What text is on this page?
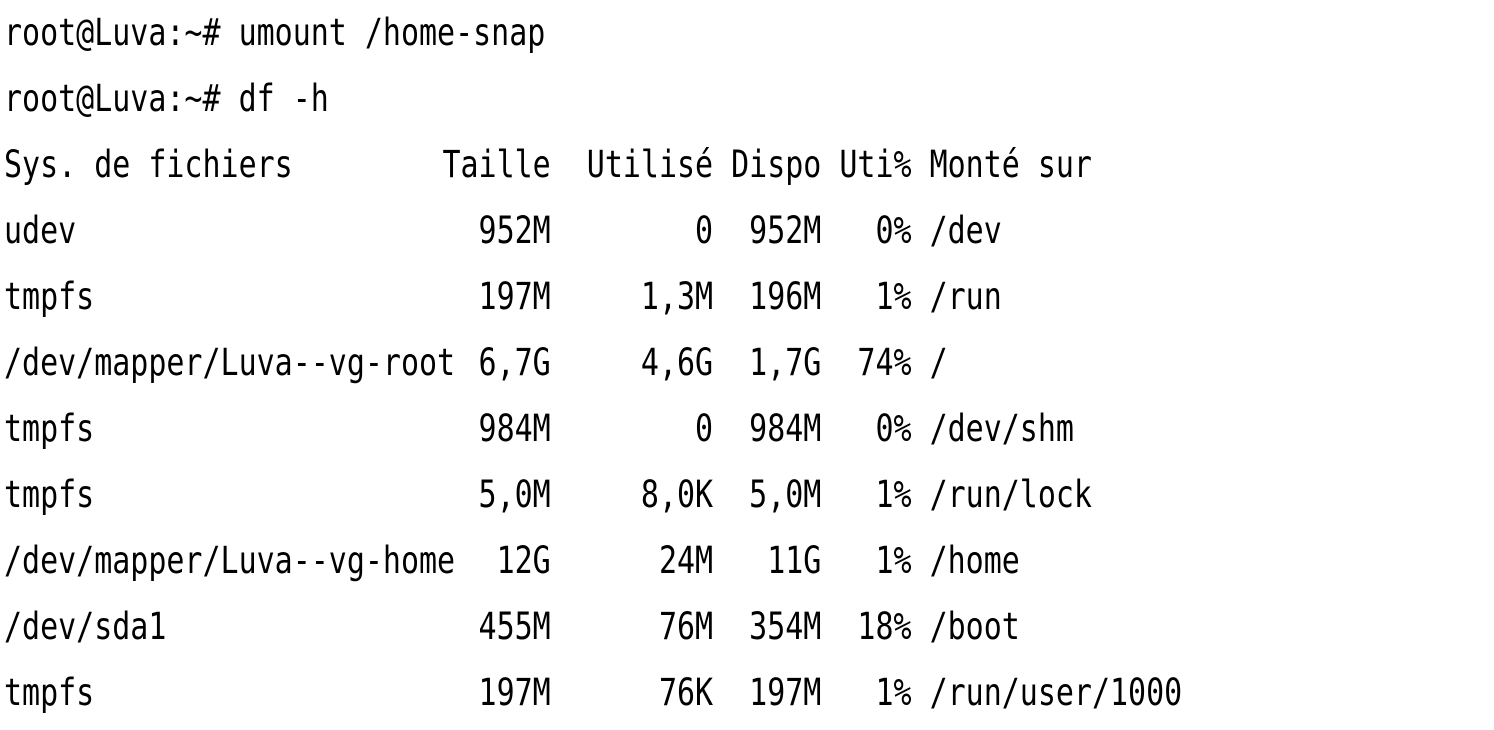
root@Luva:~# umount /home-snap
root@Luva:~# df -h
Sys. de fichiers	Taille Utilisé Dispo Uti% Monté sur
udev	952M	0 952M	0% /dev
tmpfs	197M	1,3M 196M	1% /run
/dev/mapper/Luva--vg-root 6,7G	4,6G 1,7G 74% /
tmpfs	984M	0 984M	0% /dev/shm
tmpfs	5,0M	8,0K 5,0M	1% /run/lock
/dev/mapper/Luva--vg-home	12G	24M	11G	1% /home
/dev/sda1	455M	76M 354M 18% /boot
tmpfs	197M	76K 197M	1% /run/user/1000
